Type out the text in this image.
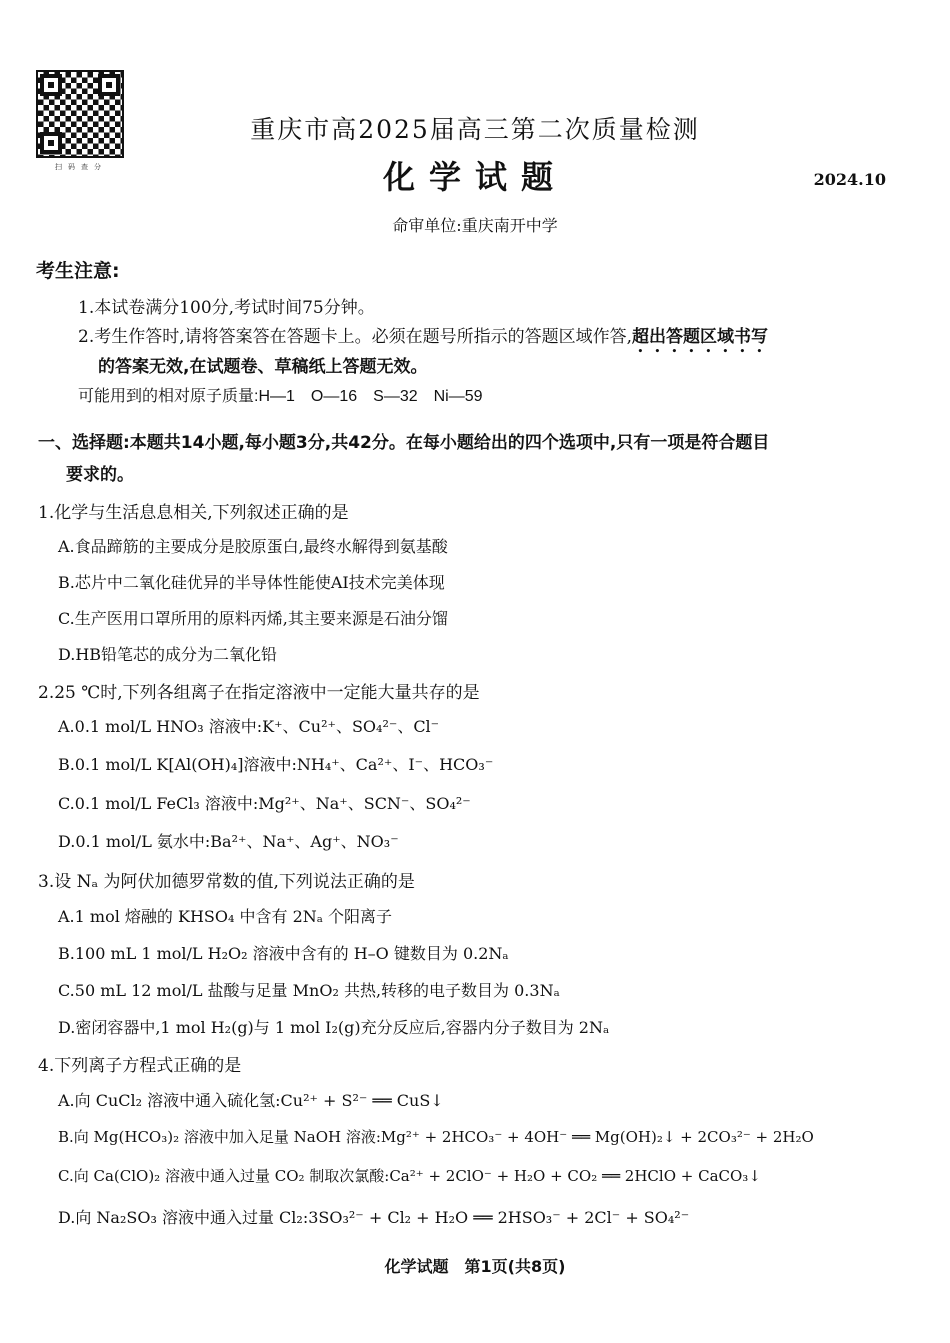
扫码查分
重庆市高2025届高三第二次质量检测
化学试题	2024.10
命审单位:重庆南开中学
考生注意:
1.本试卷满分100分,考试时间75分钟。
2.考生作答时,请将答案答在答题卡上。必须在题号所指示的答题区域作答,超出答题区域书写
的答案无效,在试题卷、草稿纸上答题无效。
可能用到的相对原子质量:H—1　O—16　S—32　Ni—59
一、选择题:本题共14小题,每小题3分,共42分。在每小题给出的四个选项中,只有一项是符合题目
要求的。
1.化学与生活息息相关,下列叙述正确的是
A.食品蹄筋的主要成分是胶原蛋白,最终水解得到氨基酸
B.芯片中二氧化硅优异的半导体性能使AI技术完美体现
C.生产医用口罩所用的原料丙烯,其主要来源是石油分馏
D.HB铅笔芯的成分为二氧化铅
2.25 ℃时,下列各组离子在指定溶液中一定能大量共存的是
A.0.1 mol/L HNO₃ 溶液中:K⁺、Cu²⁺、SO₄²⁻、Cl⁻
B.0.1 mol/L K[Al(OH)₄]溶液中:NH₄⁺、Ca²⁺、I⁻、HCO₃⁻
C.0.1 mol/L FeCl₃ 溶液中:Mg²⁺、Na⁺、SCN⁻、SO₄²⁻
D.0.1 mol/L 氨水中:Ba²⁺、Na⁺、Ag⁺、NO₃⁻
3.设 Nₐ 为阿伏加德罗常数的值,下列说法正确的是
A.1 mol 熔融的 KHSO₄ 中含有 2Nₐ 个阳离子
B.100 mL 1 mol/L H₂O₂ 溶液中含有的 H–O 键数目为 0.2Nₐ
C.50 mL 12 mol/L 盐酸与足量 MnO₂ 共热,转移的电子数目为 0.3Nₐ
D.密闭容器中,1 mol H₂(g)与 1 mol I₂(g)充分反应后,容器内分子数目为 2Nₐ
4.下列离子方程式正确的是
A.向 CuCl₂ 溶液中通入硫化氢:Cu²⁺ + S²⁻ ══ CuS↓
B.向 Mg(HCO₃)₂ 溶液中加入足量 NaOH 溶液:Mg²⁺ + 2HCO₃⁻ + 4OH⁻ ══ Mg(OH)₂↓ + 2CO₃²⁻ + 2H₂O
C.向 Ca(ClO)₂ 溶液中通入过量 CO₂ 制取次氯酸:Ca²⁺ + 2ClO⁻ + H₂O + CO₂ ══ 2HClO + CaCO₃↓
D.向 Na₂SO₃ 溶液中通入过量 Cl₂:3SO₃²⁻ + Cl₂ + H₂O ══ 2HSO₃⁻ + 2Cl⁻ + SO₄²⁻
化学试题　第1页(共8页)
